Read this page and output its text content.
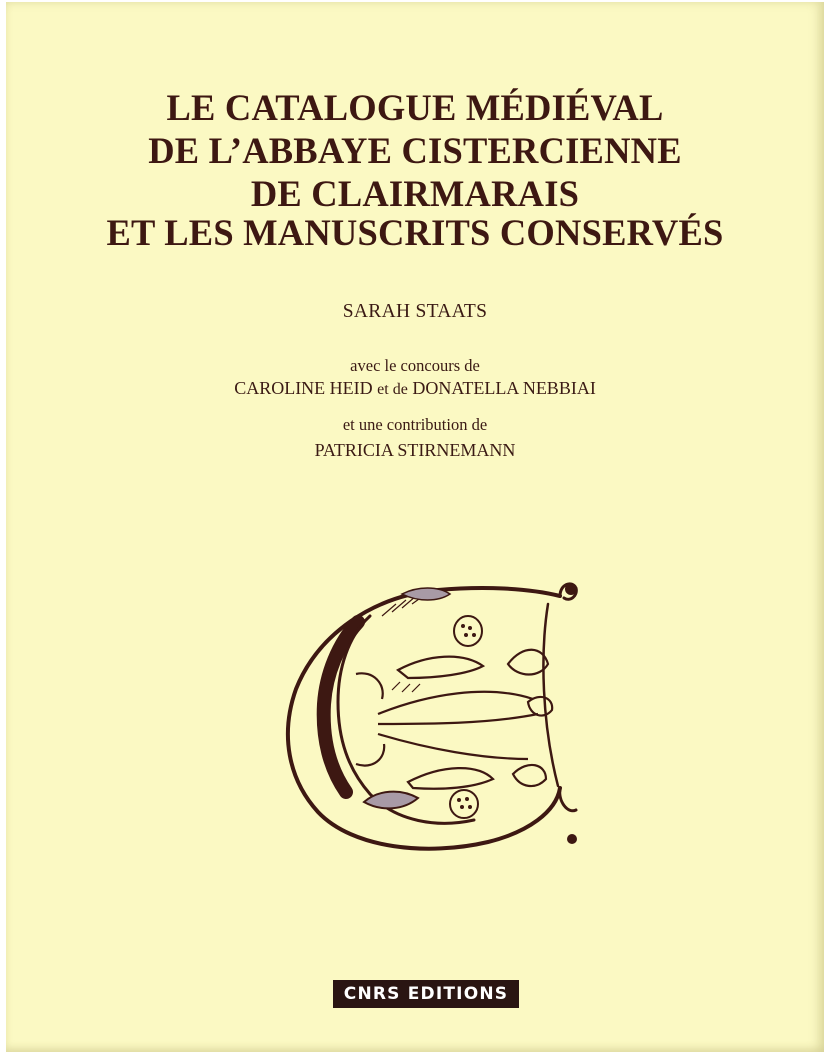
LE CATALOGUE MÉDIÉVAL
DE L’ABBAYE CISTERCIENNE
DE CLAIRMARAIS
ET LES MANUSCRITS CONSERVÉS
SARAH STAATS
avec le concours de
CAROLINE HEID et de DONATELLA NEBBIAI
et une contribution de
PATRICIA STIRNEMANN
CNRS EDITIONS
